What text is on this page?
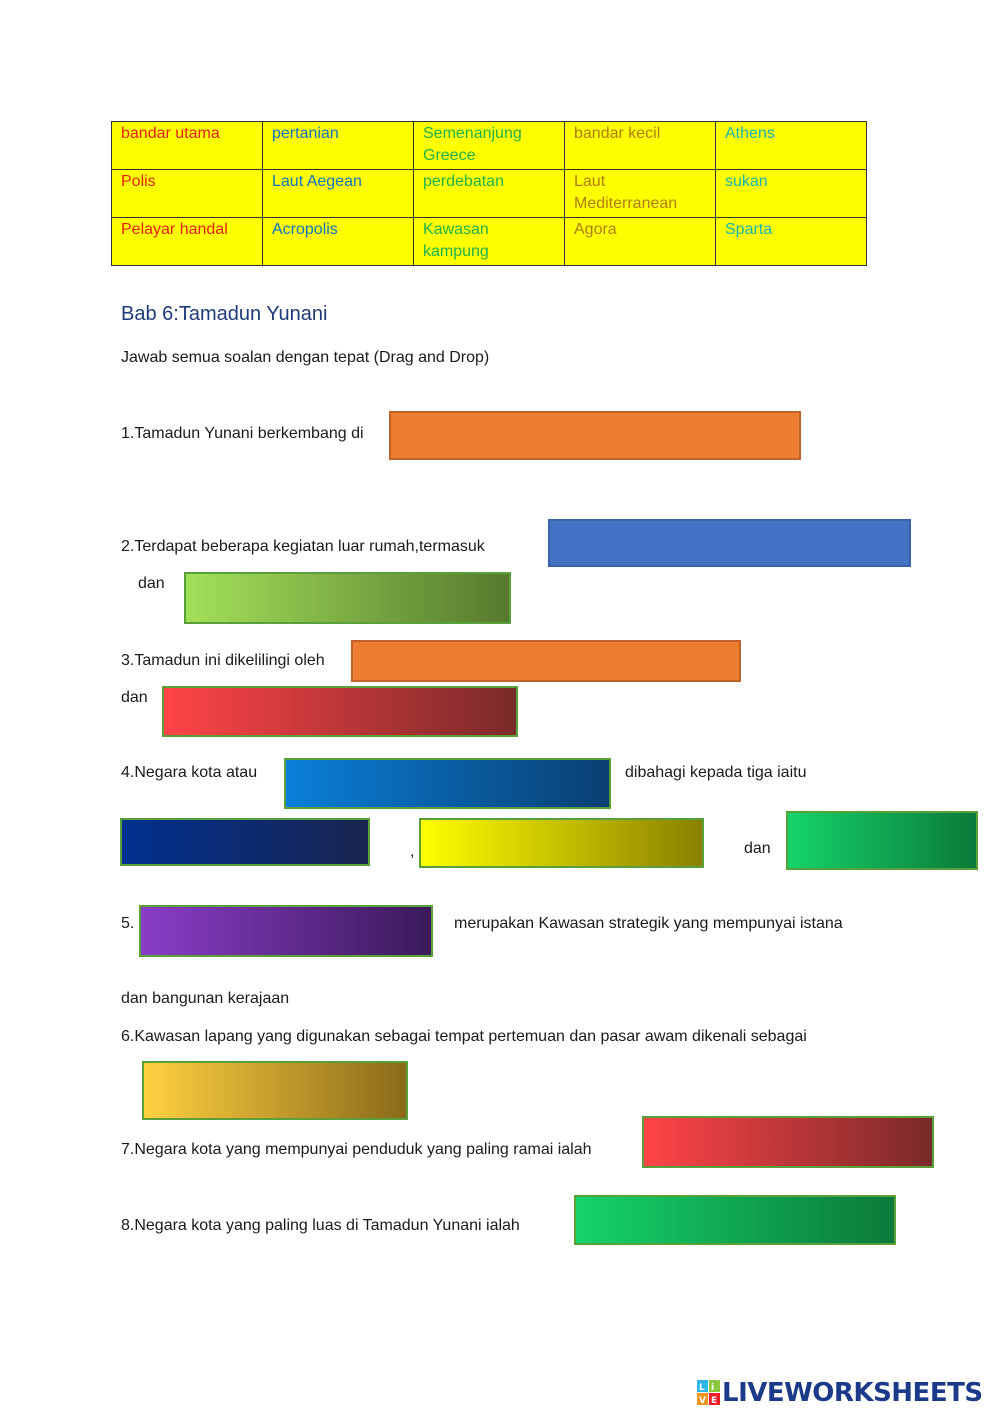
bandar utama	pertanian	Semenanjung Greece	bandar kecil	Athens
Polis	Laut Aegean	perdebatan	Laut Mediterranean	sukan
Pelayar handal	Acropolis	Kawasan kampung	Agora	Sparta
Bab 6:Tamadun Yunani
Jawab semua soalan dengan tepat (Drag and Drop)
1.Tamadun Yunani berkembang di
2.Terdapat beberapa kegiatan luar rumah,termasuk
dan
3.Tamadun ini dikelilingi oleh
dan
4.Negara kota atau	dibahagi kepada tiga iaitu
,	dan
5.	merupakan Kawasan strategik yang mempunyai istana
dan bangunan kerajaan
6.Kawasan lapang yang digunakan sebagai tempat pertemuan dan pasar awam dikenali sebagai
7.Negara kota yang mempunyai penduduk yang paling ramai ialah
8.Negara kota yang paling luas di Tamadun Yunani ialah
L i
V E LIVEWORKSHEETS
